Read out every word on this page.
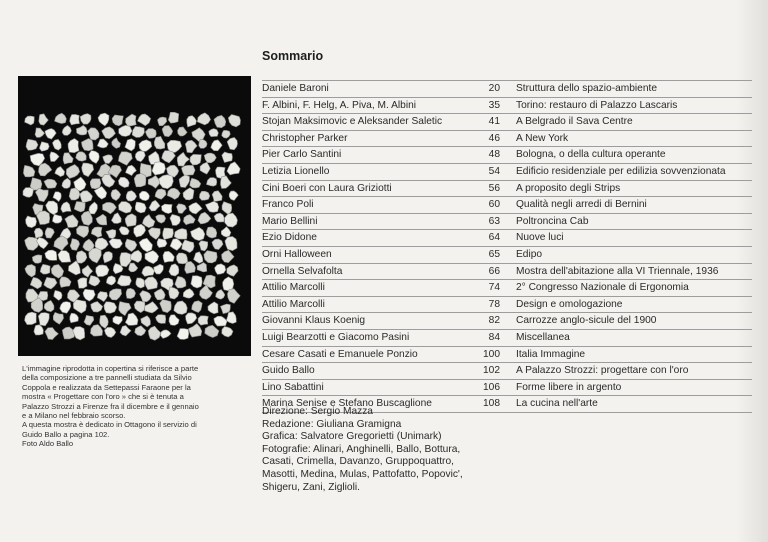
Sommario
L'immagine riprodotta in copertina si riferisce a parte
della composizione a tre pannelli studiata da Silvio
Coppola e realizzata da Settepassi Faraone per la
mostra « Progettare con l'oro » che si è tenuta a
Palazzo Strozzi a Firenze fra il dicembre e il gennaio
e a Milano nel febbraio scorso.
A questa mostra è dedicato in Ottagono il servizio di
Guido Ballo a pagina 102.
Foto Aldo Ballo
Daniele Baroni	20 Struttura dello spazio-ambiente
F. Albini, F. Helg, A. Piva, M. Albini	35 Torino: restauro di Palazzo Lascaris
Stojan Maksimovic e Aleksander Saletic	41 A Belgrado il Sava Centre
Christopher Parker	46 A New York
Pier Carlo Santini	48 Bologna, o della cultura operante
Letizia Lionello	54 Edificio residenziale per edilizia sovvenzionata
Cini Boeri con Laura Griziotti	56 A proposito degli Strips
Franco Poli	60 Qualità negli arredi di Bernini
Mario Bellini	63 Poltroncina Cab
Ezio Didone	64 Nuove luci
Orni Halloween	65 Edipo
Ornella Selvafolta	66 Mostra dell'abitazione alla VI Triennale, 1936
Attilio Marcolli	74 2° Congresso Nazionale di Ergonomia
Attilio Marcolli	78 Design e omologazione
Giovanni Klaus Koenig	82 Carrozze anglo-sicule del 1900
Luigi Bearzotti e Giacomo Pasini	84 Miscellanea
Cesare Casati e Emanuele Ponzio	100 Italia Immagine
Guido Ballo	102 A Palazzo Strozzi: progettare con l'oro
Lino Sabattini	106 Forme libere in argento
Marina Senise e Stefano Buscaglione	108 La cucina nell'arte
Direzione: Sergio Mazza
Redazione: Giuliana Gramigna
Grafica: Salvatore Gregorietti (Unimark)
Fotografie: Alinari, Anghinelli, Ballo, Bottura,
Casati, Crimella, Davanzo, Gruppoquattro,
Masotti, Medina, Mulas, Pattofatto, Popovic',
Shigeru, Zani, Ziglioli.
